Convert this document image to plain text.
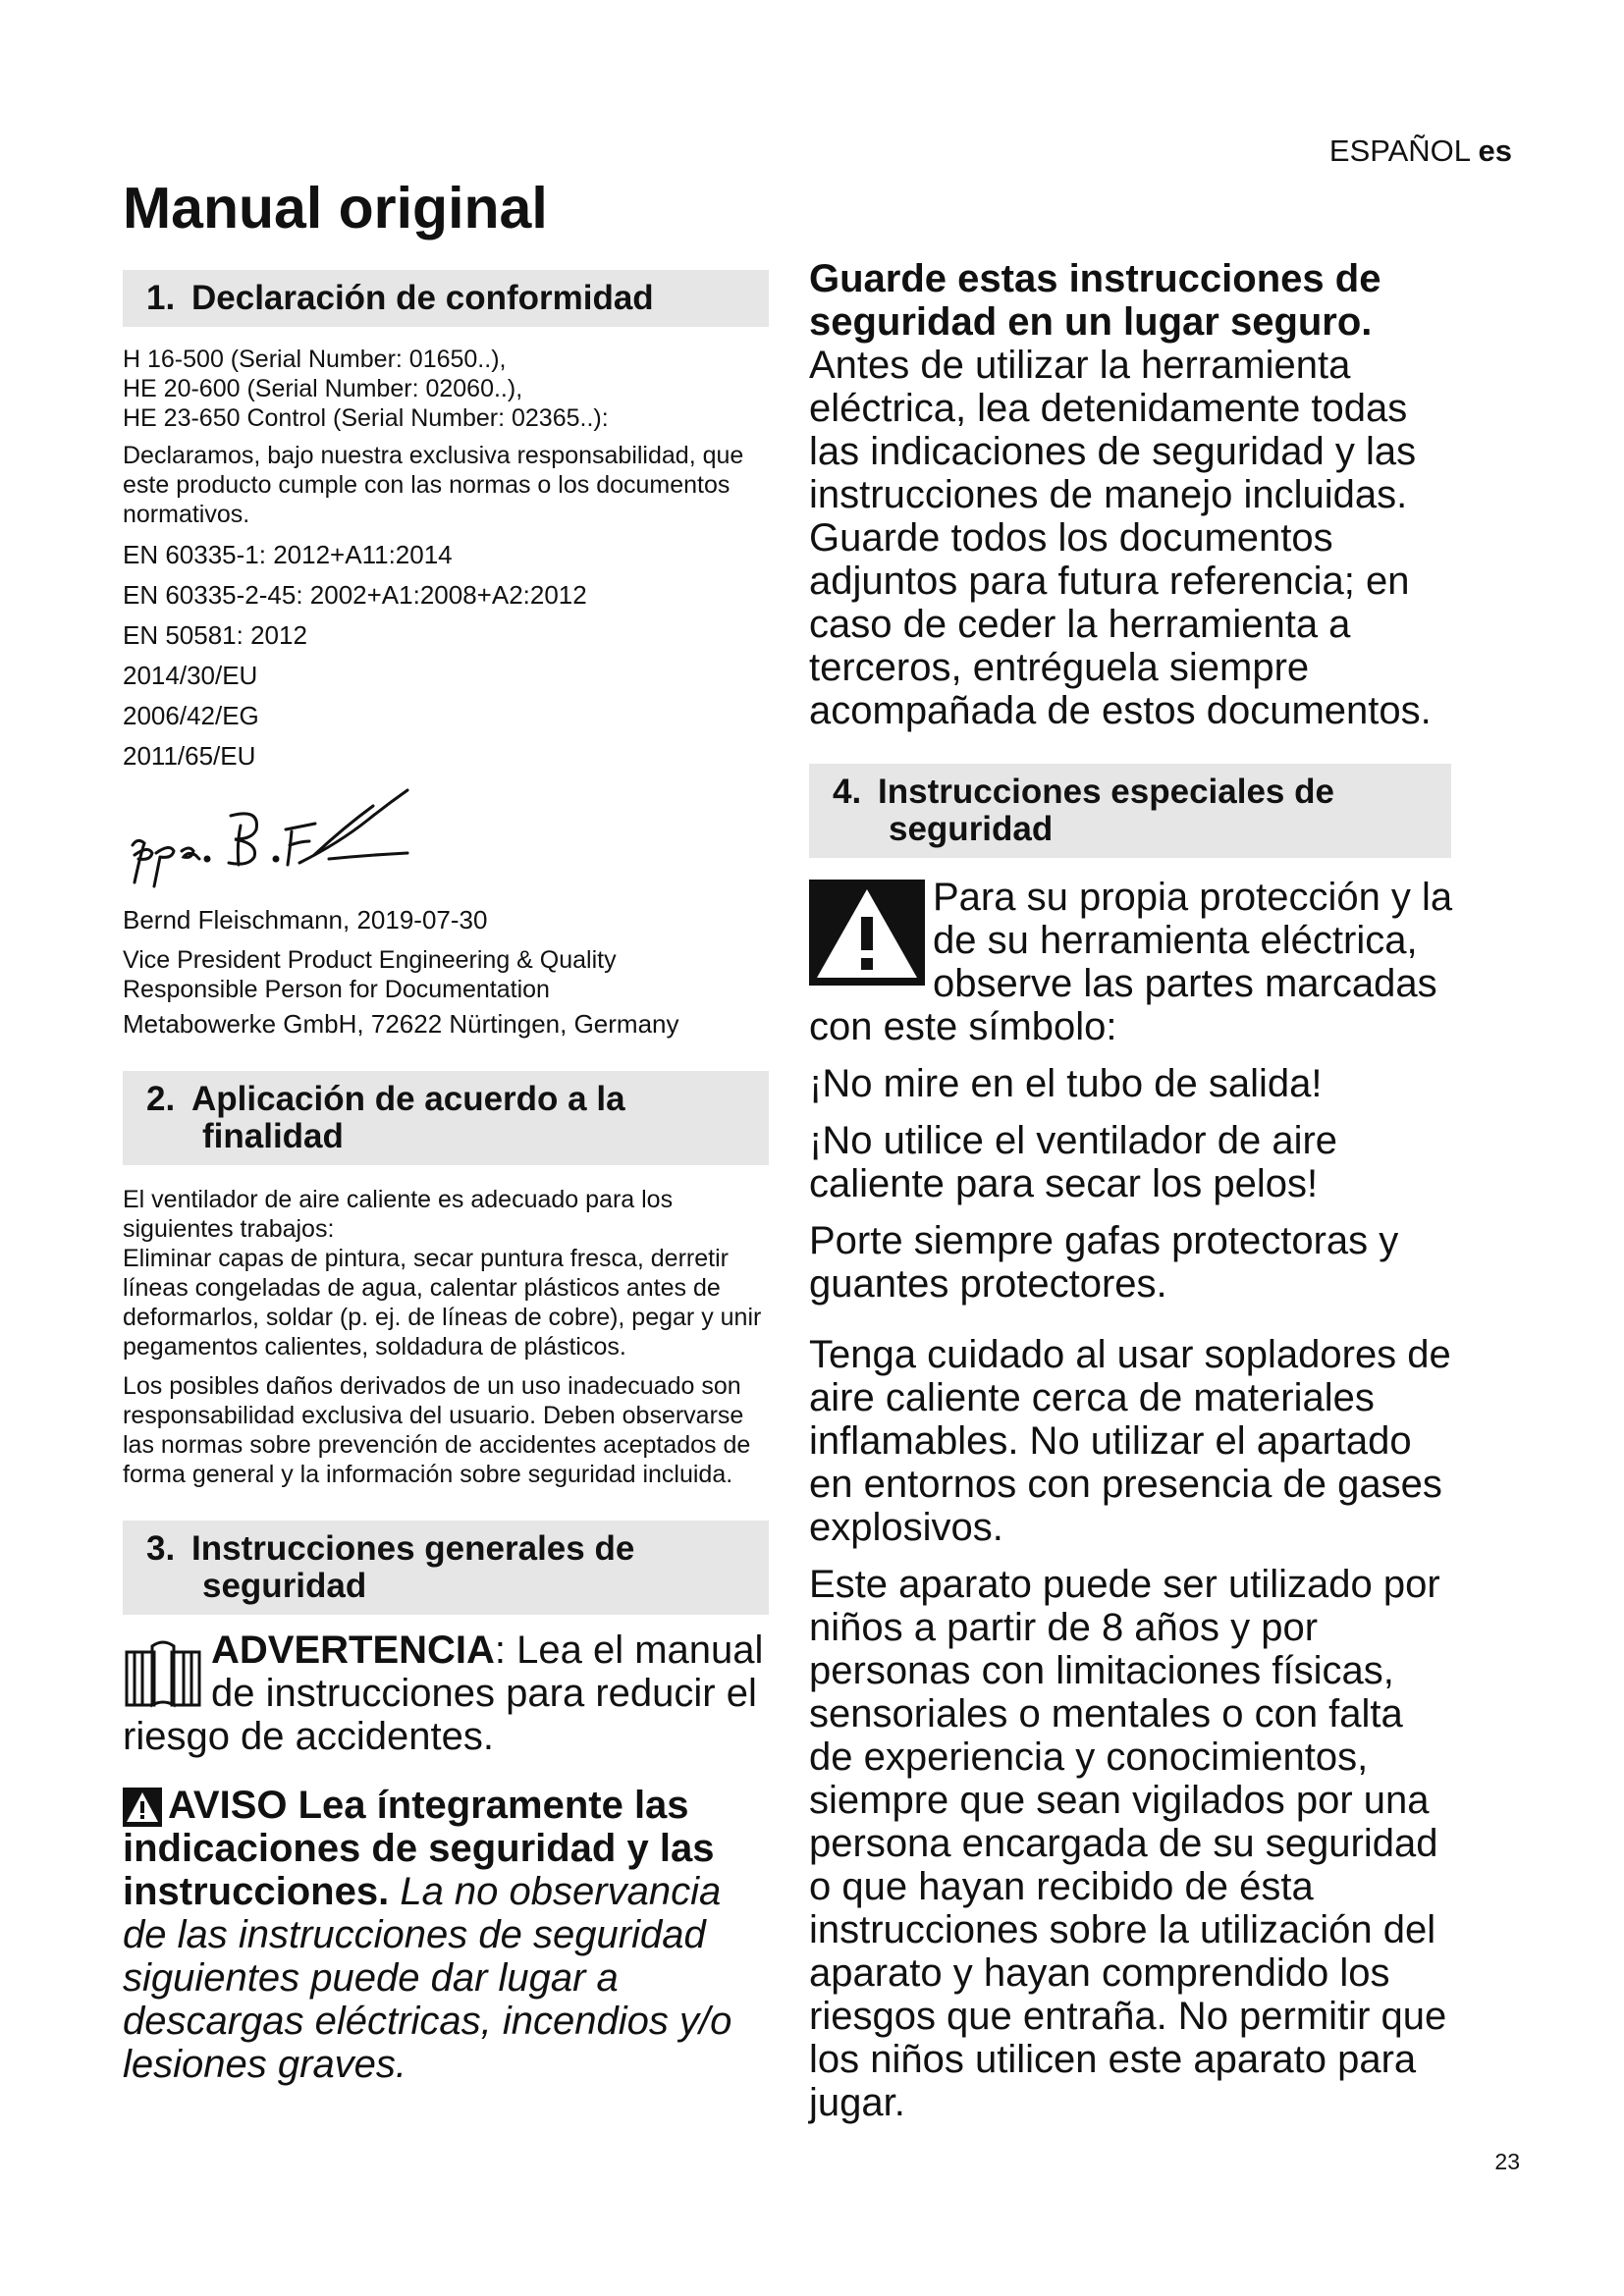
ESPAÑOL es
Manual original
1. Declaración de conformidad

H 16-500 (Serial Number: 01650..),

HE 20-600 (Serial Number: 02060..),

HE 23-650 Control (Serial Number: 02365..):

Declaramos, bajo nuestra exclusiva responsabilidad, que este producto cumple con las normas o los documentos normativos.

EN 60335-1: 2012+A11:2014

EN 60335-2-45: 2002+A1:2008+A2:2012

EN 50581: 2012

2014/30/EU

2006/42/EG

2011/65/EU

Bernd Fleischmann, 2019-07-30

Vice President Product Engineering & Quality

Responsible Person for Documentation

Metabowerke GmbH, 72622 Nürtingen, Germany

2. Aplicación de acuerdo a la
finalidad

El ventilador de aire caliente es adecuado para los siguientes trabajos:

Eliminar capas de pintura, secar puntura fresca, derretir líneas congeladas de agua, calentar plásticos antes de deformarlos, soldar (p. ej. de líneas de cobre), pegar y unir pegamentos calientes, soldadura de plásticos.

Los posibles daños derivados de un uso inadecuado son responsabilidad exclusiva del usuario. Deben observarse las normas sobre prevención de accidentes aceptados de forma general y la información sobre seguridad incluida.

3. Instrucciones generales de
seguridad
ADVERTENCIA: Lea el manual de instrucciones para reducir el riesgo de accidentes.
AVISO Lea íntegramente las indicaciones de seguridad y las instrucciones. La no observancia de las instrucciones de seguridad siguientes puede dar lugar a descargas eléctricas, incendios y/o lesiones graves.
Guarde estas instrucciones de seguridad en un lugar seguro. Antes de utilizar la herramienta eléctrica, lea detenidamente todas las indicaciones de seguridad y las instrucciones de manejo incluidas. Guarde todos los documentos adjuntos para futura referencia; en caso de ceder la herramienta a terceros, entréguela siempre acompañada de estos documentos.
4. Instrucciones especiales de
seguridad
Para su propia protección y la de su herramienta eléctrica, observe las partes marcadas con este símbolo:
¡No mire en el tubo de salida!
¡No utilice el ventilador de aire caliente para secar los pelos!
Porte siempre gafas protectoras y guantes protectores.
Tenga cuidado al usar sopladores de aire caliente cerca de materiales inflamables. No utilizar el apartado en entornos con presencia de gases explosivos.
Este aparato puede ser utilizado por niños a partir de 8 años y por personas con limitaciones físicas, sensoriales o mentales o con falta de experiencia y conocimientos, siempre que sean vigilados por una persona encargada de su seguridad o que hayan recibido de ésta instrucciones sobre la utilización del aparato y hayan comprendido los riesgos que entraña. No permitir que los niños utilicen este aparato para jugar.
23
